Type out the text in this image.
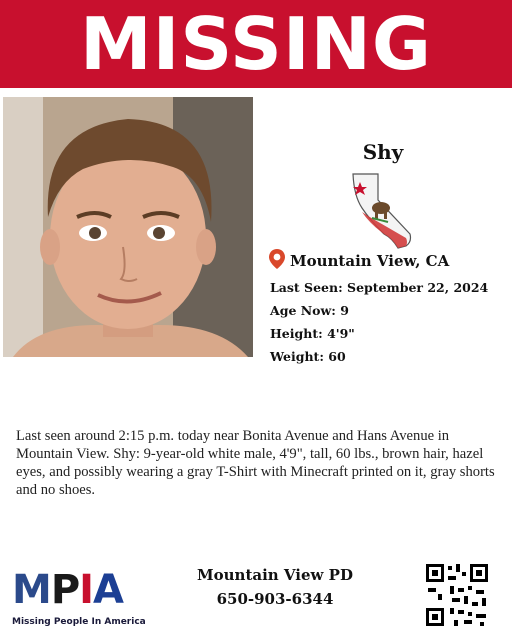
MISSING
Shy
Mountain View, CA
Last Seen: September 22, 2024
Age Now: 9
Height: 4'9"
Weight: 60
Last seen around 2:15 p.m. today near Bonita Avenue and Hans Avenue in Mountain View. Shy: 9-year-old white male, 4'9", tall, 60 lbs., brown hair, hazel eyes, and possibly wearing a gray T-Shirt with Minecraft printed on it, gray shorts and no shoes.
MPIA
Missing People In America
Mountain View PD
650-903-6344
